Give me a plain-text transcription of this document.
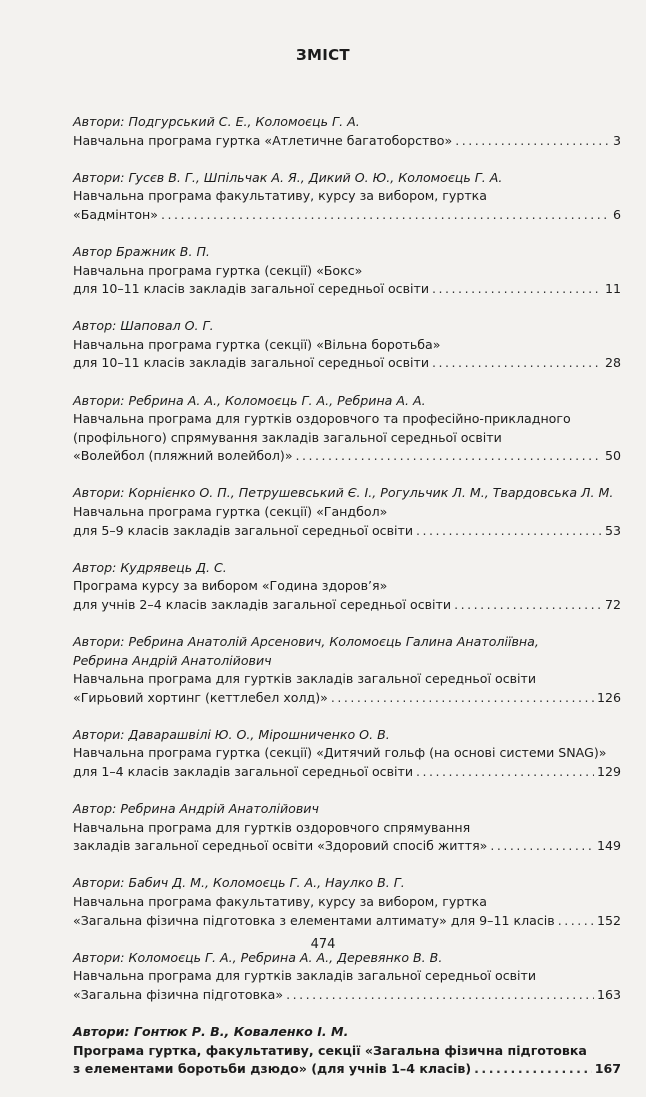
ЗМІСТ
Автори: Подгурський С. Е., Коломоєць Г. А.
Навчальна програма гуртка «Атлетичне багатоборство» .....	3
Автори: Гусєв В. Г., Шпільчак А. Я., Дикий О. Ю., Коломоєць Г. А.
Навчальна програма факультативу, курсу за вибором, гуртка
«Бадмінтон» .....	6
Автор Бражник В. П.
Навчальна програма гуртка (секції) «Бокс»
для 10–11 класів закладів загальної середньої освіти .....	11
Автор: Шаповал О. Г.
Навчальна програма гуртка (секції) «Вільна боротьба»
для 10–11 класів закладів загальної середньої освіти .....	28
Автори: Ребрина А. А., Коломоєць Г. А., Ребрина А. А.
Навчальна програма для гуртків оздоровчого та професійно-прикладного
(профільного) спрямування закладів загальної середньої освіти
«Волейбол (пляжний волейбол)» .....	50
Автори: Корнієнко О. П., Петрушевський Є. І., Рогульчик Л. М., Твардовська Л. М.
Навчальна програма гуртка (секції) «Гандбол»
для 5–9 класів закладів загальної середньої освіти .....	53
Автор: Кудрявець Д. С.
Програма курсу за вибором «Година здоров’я»
для учнів 2–4 класів закладів загальної середньої освіти .....	72
Автори: Ребрина Анатолій Арсенович, Коломоєць Галина Анатоліївна,
Ребрина Андрій Анатолійович
Навчальна програма для гуртків закладів загальної середньої освіти
«Гирьовий хортинг (кеттлебел холд)» .....	126
Автори: Даварашвілі Ю. О., Мірошниченко О. В.
Навчальна програма гуртка (секції) «Дитячий гольф (на основі системи SNAG)»
для 1–4 класів закладів загальної середньої освіти .....	129
Автор: Ребрина Андрій Анатолійович
Навчальна програма для гуртків оздоровчого спрямування
закладів загальної середньої освіти «Здоровий спосіб життя» .....	149
Автори: Бабич Д. М., Коломоєць Г. А., Наулко В. Г.
Навчальна програма факультативу, курсу за вибором, гуртка
«Загальна фізична підготовка з елементами алтимату» для 9–11 класів .....	152
Автори: Коломоєць Г. А., Ребрина А. А., Деревянко В. В.
Навчальна програма для гуртків закладів загальної середньої освіти
«Загальна фізична підготовка» .....	163
Автори: Гонтюк Р. В., Коваленко І. М.
Програма гуртка, факультативу, секції «Загальна фізична підготовка
з елементами боротьби дзюдо» (для учнів 1–4 класів) .....	167
474
